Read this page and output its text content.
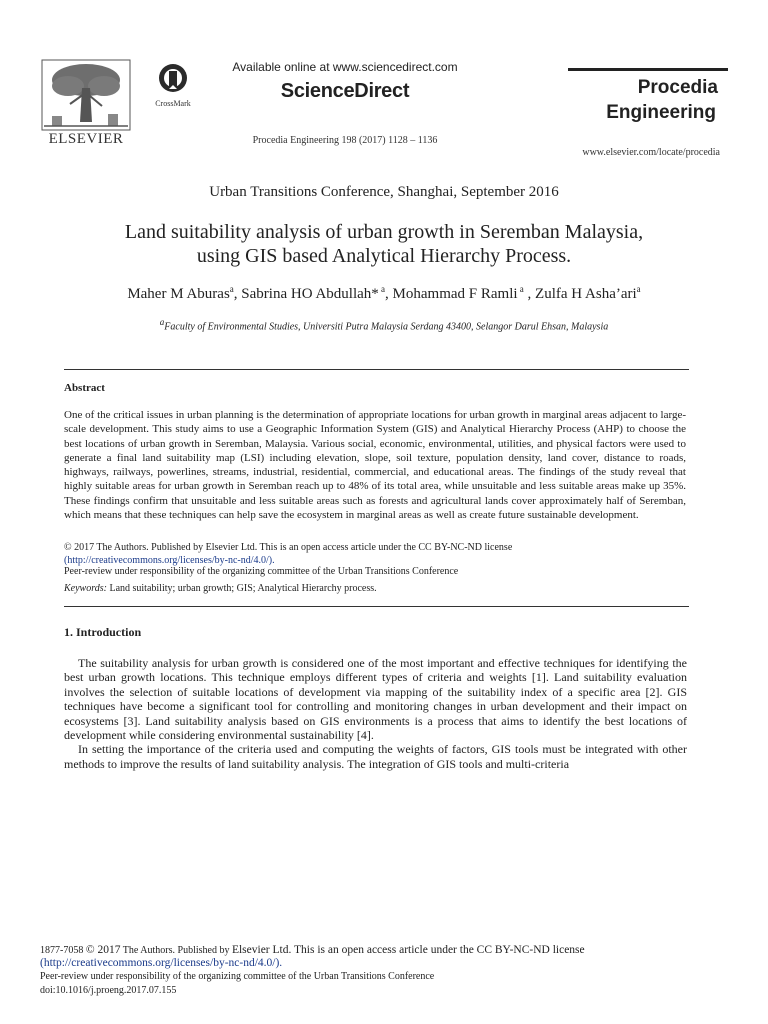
ELSEVIER
CrossMark
Available online at www.sciencedirect.com
ScienceDirect
Procedia Engineering 198 (2017) 1128 – 1136
Procedia
Engineering
www.elsevier.com/locate/procedia
Urban Transitions Conference, Shanghai, September 2016
Land suitability analysis of urban growth in Seremban Malaysia,
using GIS based Analytical Hierarchy Process.
Maher M Aburas$^a$, Sabrina HO Abdullah* $^a$, Mohammad F Ramli $^a$ , Zulfa H Asha’ari$^a$
$^a$Faculty of Environmental Studies, Universiti Putra Malaysia Serdang 43400, Selangor Darul Ehsan, Malaysia
Abstract
One of the critical issues in urban planning is the determination of appropriate locations for urban growth in marginal areas adjacent to large-scale development. This study aims to use a Geographic Information System (GIS) and Analytical Hierarchy Process (AHP) to choose the best locations of urban growth in Seremban, Malaysia. Various social, economic, environmental, utilities, and physical factors were used to generate a final land suitability map (LSI) including elevation, slope, soil texture, population density, land cover, distance to roads, highways, railways, powerlines, streams, industrial, residential, commercial, and educational areas. The findings of the study reveal that highly suitable areas for urban growth in Seremban reach up to 48% of its total area, while unsuitable and less suitable areas make up 35%. These findings confirm that unsuitable and less suitable areas such as forests and agricultural lands cover approximately half of Seremban, which means that these techniques can help save the ecosystem in marginal areas as well as create future sustainable development.
© 2017 The Authors. Published by Elsevier Ltd. This is an open access article under the CC BY-NC-ND license
(http://creativecommons.org/licenses/by-nc-nd/4.0/).
Peer-review under responsibility of the organizing committee of the Urban Transitions Conference
Keywords: Land suitability; urban growth; GIS; Analytical Hierarchy process.
1. Introduction

The suitability analysis for urban growth is considered one of the most important and effective techniques for identifying the best urban growth locations. This technique employs different types of criteria and weights [1]. Land suitability evaluation involves the selection of suitable locations of development via mapping of the suitability index of a specific area [2]. GIS techniques have become a significant tool for controlling and monitoring changes in urban development and their impact on ecosystems [3]. Land suitability analysis based on GIS environments is a process that aims to identify the best locations of development while considering environmental sustainability [4].

In setting the importance of the criteria used and computing the weights of factors, GIS tools must be integrated with other methods to improve the results of land suitability analysis. The integration of GIS tools and multi-criteria

1877-7058 © 2017 The Authors. Published by Elsevier Ltd. This is an open access article under the CC BY-NC-ND license
(http://creativecommons.org/licenses/by-nc-nd/4.0/).
Peer-review under responsibility of the organizing committee of the Urban Transitions Conference
doi:10.1016/j.proeng.2017.07.155
